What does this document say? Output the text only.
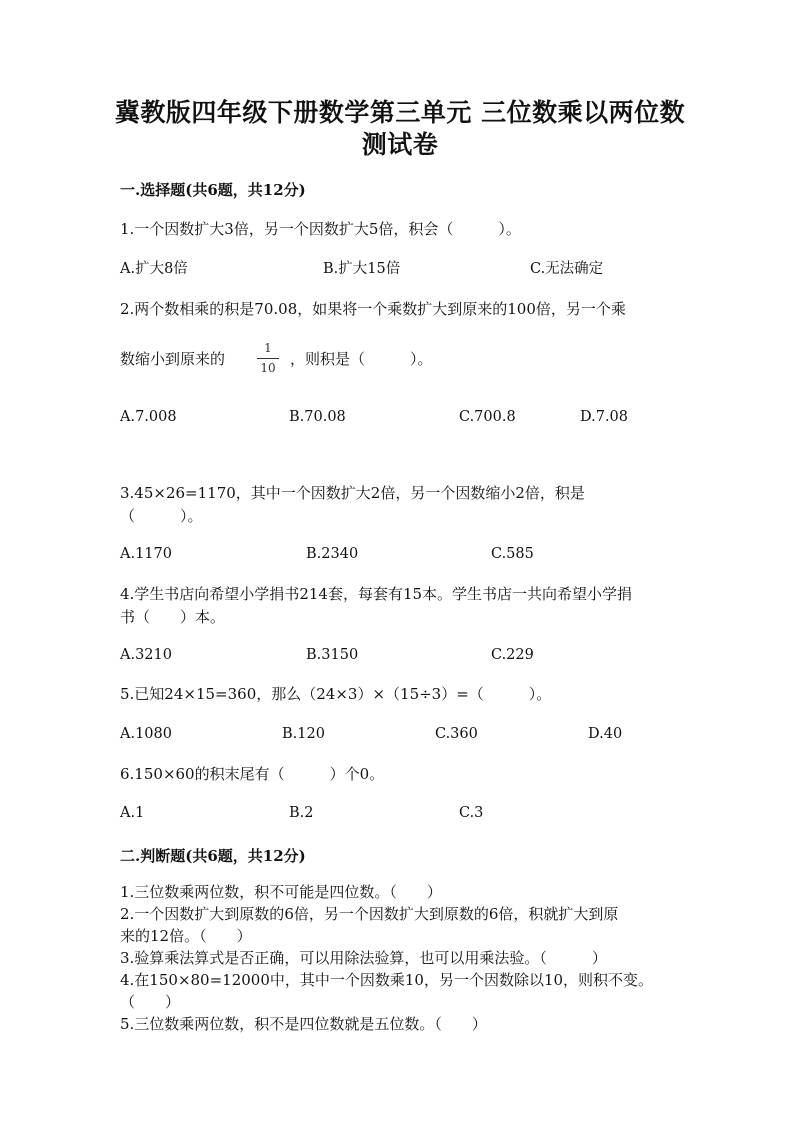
冀教版四年级下册数学第三单元 三位数乘以两位数
测试卷
一.选择题(共6题，共12分)
1.一个因数扩大3倍，另一个因数扩大5倍，积会（　　　）。
A.扩大8倍	B.扩大15倍	C.无法确定
2.两个数相乘的积是70.08，如果将一个乘数扩大到原来的100倍，另一个乘
数缩小到原来的
1
10 ，则积是（　　　）。
A.7.008	B.70.08	C.700.8	D.7.08
3.45×26=1170，其中一个因数扩大2倍，另一个因数缩小2倍，积是
（　　　）。
A.1170	B.2340	C.585
4.学生书店向希望小学捐书214套，每套有15本。学生书店一共向希望小学捐
书（　　）本。
A.3210	B.3150	C.229
5.已知24×15=360，那么（24×3）×（15÷3）=（　　　）。
A.1080	B.120	C.360	D.40
6.150×60的积末尾有（　　　）个0。
A.1	B.2	C.3
二.判断题(共6题，共12分)
1.三位数乘两位数，积不可能是四位数。（　　）
2.一个因数扩大到原数的6倍，另一个因数扩大到原数的6倍，积就扩大到原
来的12倍。（　　）
3.验算乘法算式是否正确，可以用除法验算，也可以用乘法验。（　　　）
4.在150×80=12000中，其中一个因数乘10，另一个因数除以10，则积不变。
（　　）
5.三位数乘两位数，积不是四位数就是五位数。（　　）
